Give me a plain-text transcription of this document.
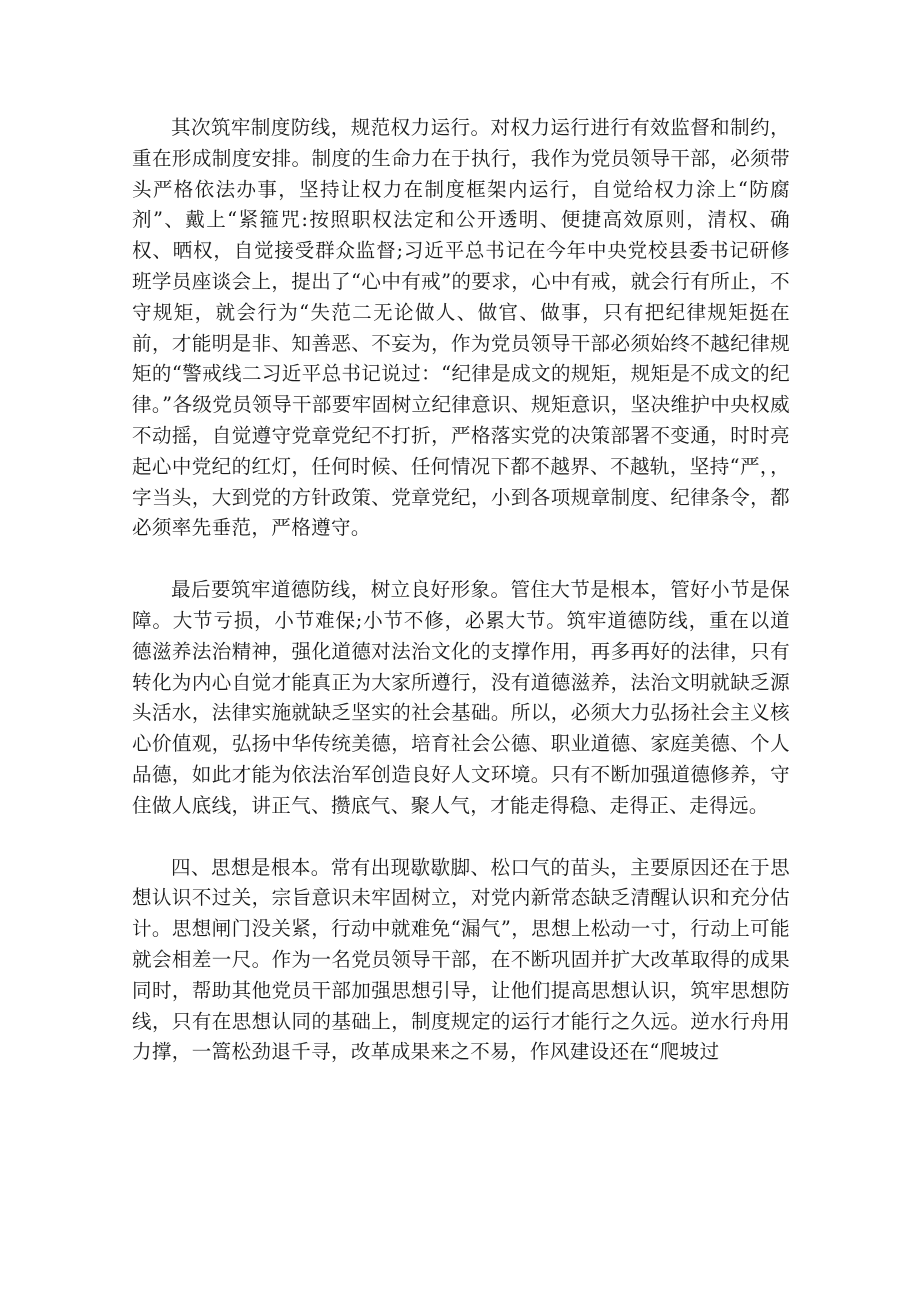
其次筑牢制度防线，规范权力运行。对权力运行进行有效监督和制约，重在形成制度安排。制度的生命力在于执行，我作为党员领导干部，必须带头严格依法办事，坚持让权力在制度框架内运行，自觉给权力涂上“防腐剂”、戴上“紧箍咒:按照职权法定和公开透明、便捷高效原则，清权、确权、晒权，自觉接受群众监督;习近平总书记在今年中央党校县委书记研修班学员座谈会上，提出了“心中有戒”的要求，心中有戒，就会行有所止，不守规矩，就会行为“失范二无论做人、做官、做事，只有把纪律规矩挺在前，才能明是非、知善恶、不妄为，作为党员领导干部必须始终不越纪律规矩的“警戒线二习近平总书记说过：“纪律是成文的规矩，规矩是不成文的纪律。”各级党员领导干部要牢固树立纪律意识、规矩意识，坚决维护中央权威不动摇，自觉遵守党章党纪不打折，严格落实党的决策部署不变通，时时亮起心中党纪的红灯，任何时候、任何情况下都不越界、不越轨，坚持“严，，字当头，大到党的方针政策、党章党纪，小到各项规章制度、纪律条令，都必须率先垂范，严格遵守。

最后要筑牢道德防线，树立良好形象。管住大节是根本，管好小节是保障。大节亏损，小节难保;小节不修，必累大节。筑牢道德防线，重在以道德滋养法治精神，强化道德对法治文化的支撑作用，再多再好的法律，只有转化为内心自觉才能真正为大家所遵行，没有道德滋养，法治文明就缺乏源头活水，法律实施就缺乏坚实的社会基础。所以，必须大力弘扬社会主义核心价值观，弘扬中华传统美德，培育社会公德、职业道德、家庭美德、个人品德，如此才能为依法治军创造良好人文环境。只有不断加强道德修养，守住做人底线，讲正气、攒底气、聚人气，才能走得稳、走得正、走得远。

四、思想是根本。常有出现歇歇脚、松口气的苗头，主要原因还在于思想认识不过关，宗旨意识未牢固树立，对党内新常态缺乏清醒认识和充分估计。思想闸门没关紧，行动中就难免“漏气”，思想上松动一寸，行动上可能就会相差一尺。作为一名党员领导干部，在不断巩固并扩大改革取得的成果同时，帮助其他党员干部加强思想引导，让他们提高思想认识，筑牢思想防线，只有在思想认同的基础上，制度规定的运行才能行之久远。逆水行舟用力撑，一篙松劲退千寻，改革成果来之不易，作风建设还在“爬坡过
